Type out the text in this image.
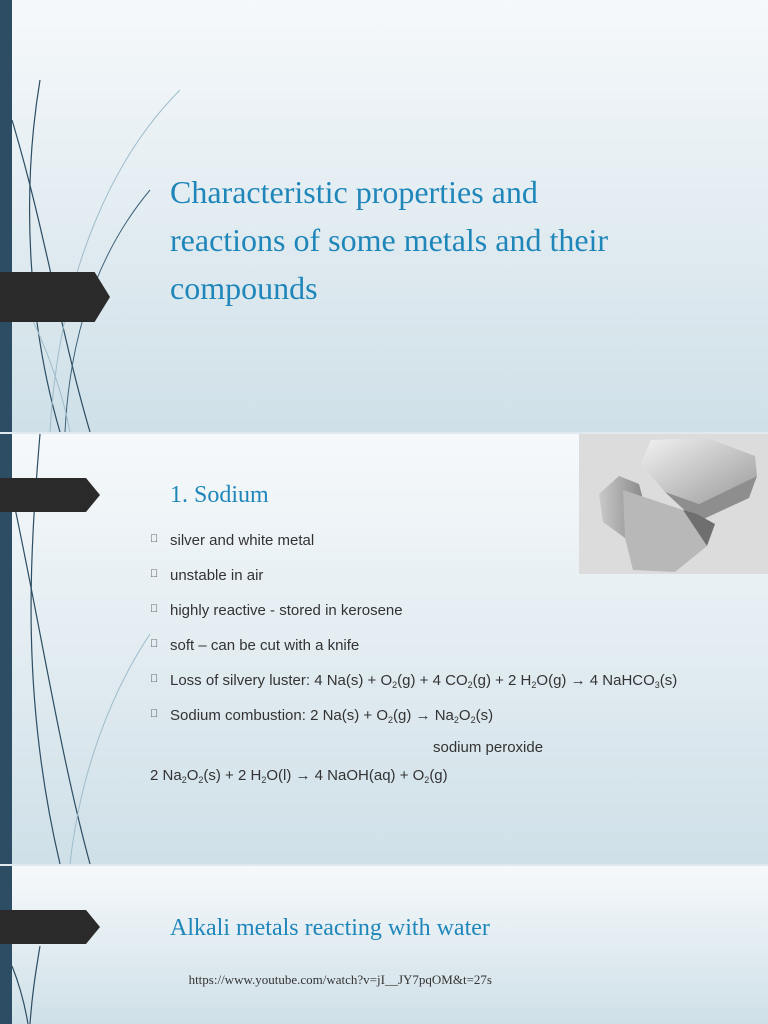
Characteristic properties and
reactions of some metals and their
compounds
1. Sodium
silver and white metal
unstable in air
highly reactive - stored in kerosene
soft – can be cut with a knife
Loss of silvery luster: 4 $Na(s) + O_2(g) + 4$ $CO_2(g) + 2$ $H_2O(g) \to 4$ NaHCO$_3$(s)
Sodium combustion: 2 $Na(s) + O_2(g) \to Na_2O_2(s)$
sodium peroxide
2 $Na_2O_2(s) + 2$ $H_2O(l) \to 4$ NaOH(aq) + $O_2(g)$
Alkali metals reacting with water
https://www.youtube.com/watch?v=jI__JY7pqOM&t=27s
